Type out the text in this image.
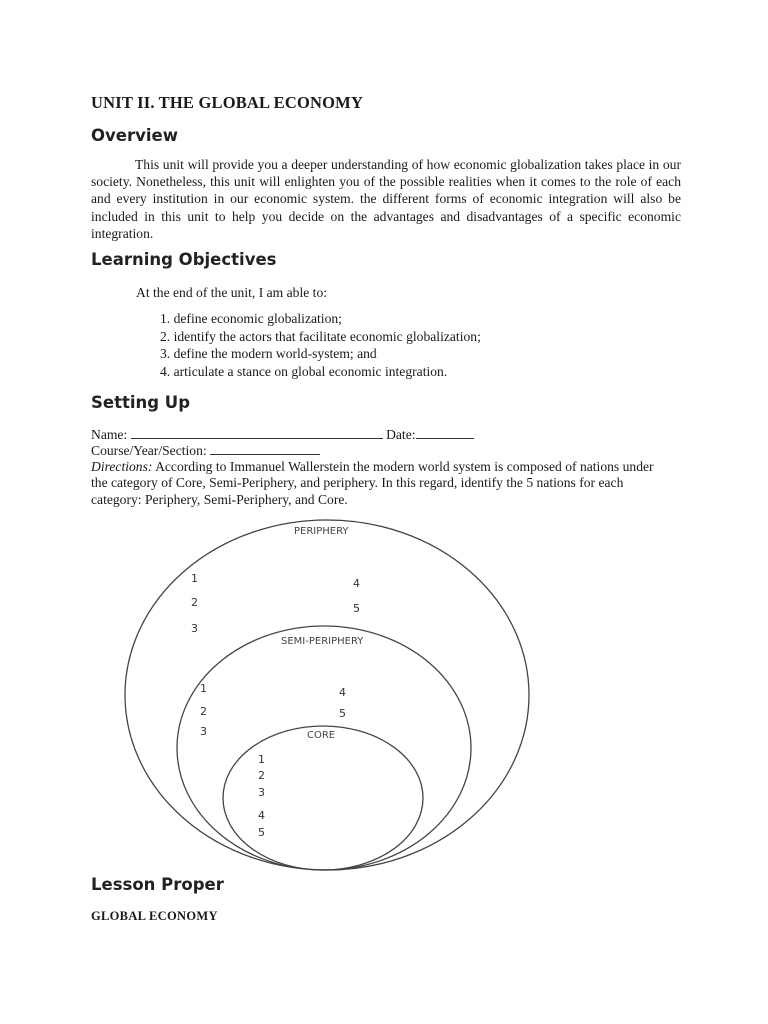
UNIT II. THE GLOBAL ECONOMY
Overview
This unit will provide you a deeper understanding of how economic globalization takes place in our society. Nonetheless, this unit will enlighten you of the possible realities when it comes to the role of each and every institution in our economic system. the different forms of economic integration will also be included in this unit to help you decide on the advantages and disadvantages of a specific economic integration.
Learning Objectives
At the end of the unit, I am able to:
1. define economic globalization;
2. identify the actors that facilitate economic globalization;
3. define the modern world-system; and
4. articulate a stance on global economic integration.
Setting Up
Name:	Date:
Course/Year/Section:
Directions: According to Immanuel Wallerstein the modern world system is composed of nations under the category of Core, Semi-Periphery, and periphery. In this regard, identify the 5 nations for each category: Periphery, Semi-Periphery, and Core.
PERIPHERY
1
2
3
4
5
SEMI-PERIPHERY
1
2
3
4
5
CORE
1
2
3
4
5
Lesson Proper
GLOBAL ECONOMY
